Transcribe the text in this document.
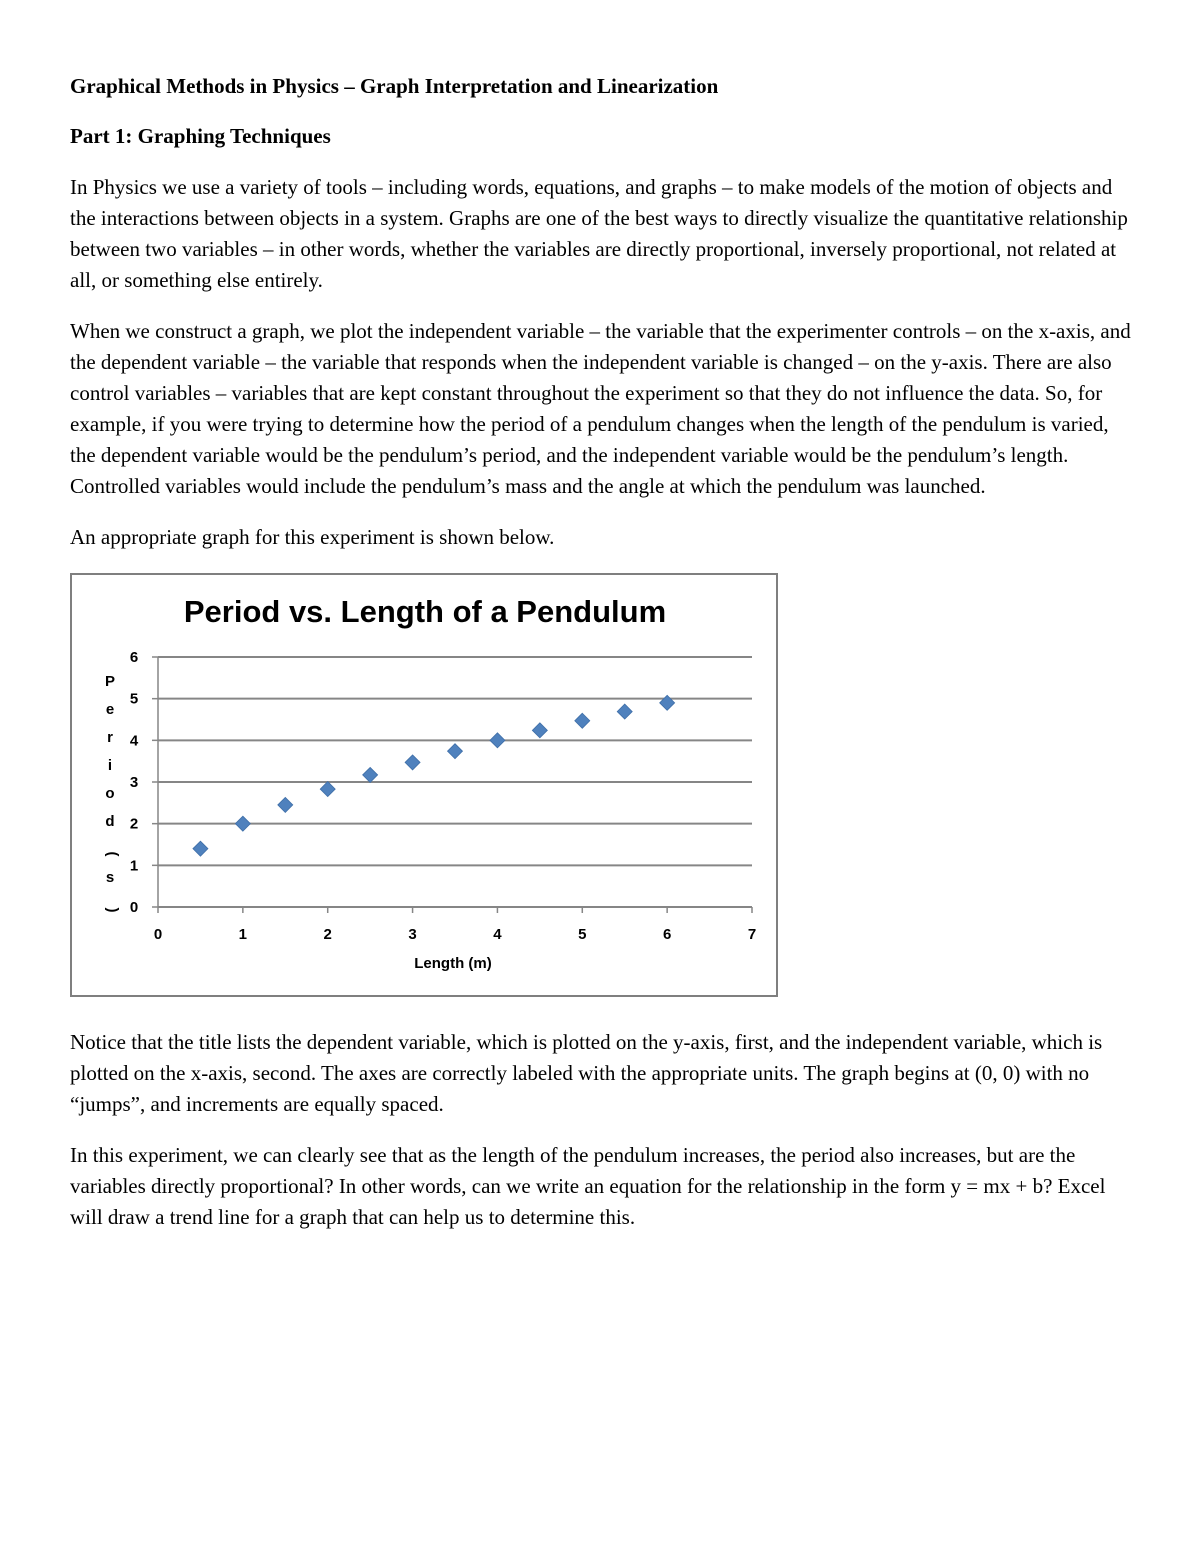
Graphical Methods in Physics – Graph Interpretation and Linearization
Part 1: Graphing Techniques

In Physics we use a variety of tools – including words, equations, and graphs – to make models of the motion of objects and the interactions between objects in a system. Graphs are one of the best ways to directly visualize the quantitative relationship between two variables – in other words, whether the variables are directly proportional, inversely proportional, not related at all, or something else entirely.

When we construct a graph, we plot the independent variable – the variable that the experimenter controls – on the x-axis, and the dependent variable – the variable that responds when the independent variable is changed – on the y-axis. There are also control variables – variables that are kept constant throughout the experiment so that they do not influence the data. So, for example, if you were trying to determine how the period of a pendulum changes when the length of the pendulum is varied, the dependent variable would be the pendulum’s period, and the independent variable would be the pendulum’s length. Controlled variables would include the pendulum’s mass and the angle at which the pendulum was launched.

An appropriate graph for this experiment is shown below.

Period vs. Length of a Pendulum
0
1
2
3
4
5
6
0	1	2	3	4	5	6	7
Length (m)
P
e
r
i
o
d
(
s
)

Notice that the title lists the dependent variable, which is plotted on the y-axis, first, and the independent variable, which is plotted on the x-axis, second. The axes are correctly labeled with the appropriate units. The graph begins at (0, 0) with no “jumps”, and increments are equally spaced.

In this experiment, we can clearly see that as the length of the pendulum increases, the period also increases, but are the variables directly proportional? In other words, can we write an equation for the relationship in the form y = mx + b? Excel will draw a trend line for a graph that can help us to determine this.
